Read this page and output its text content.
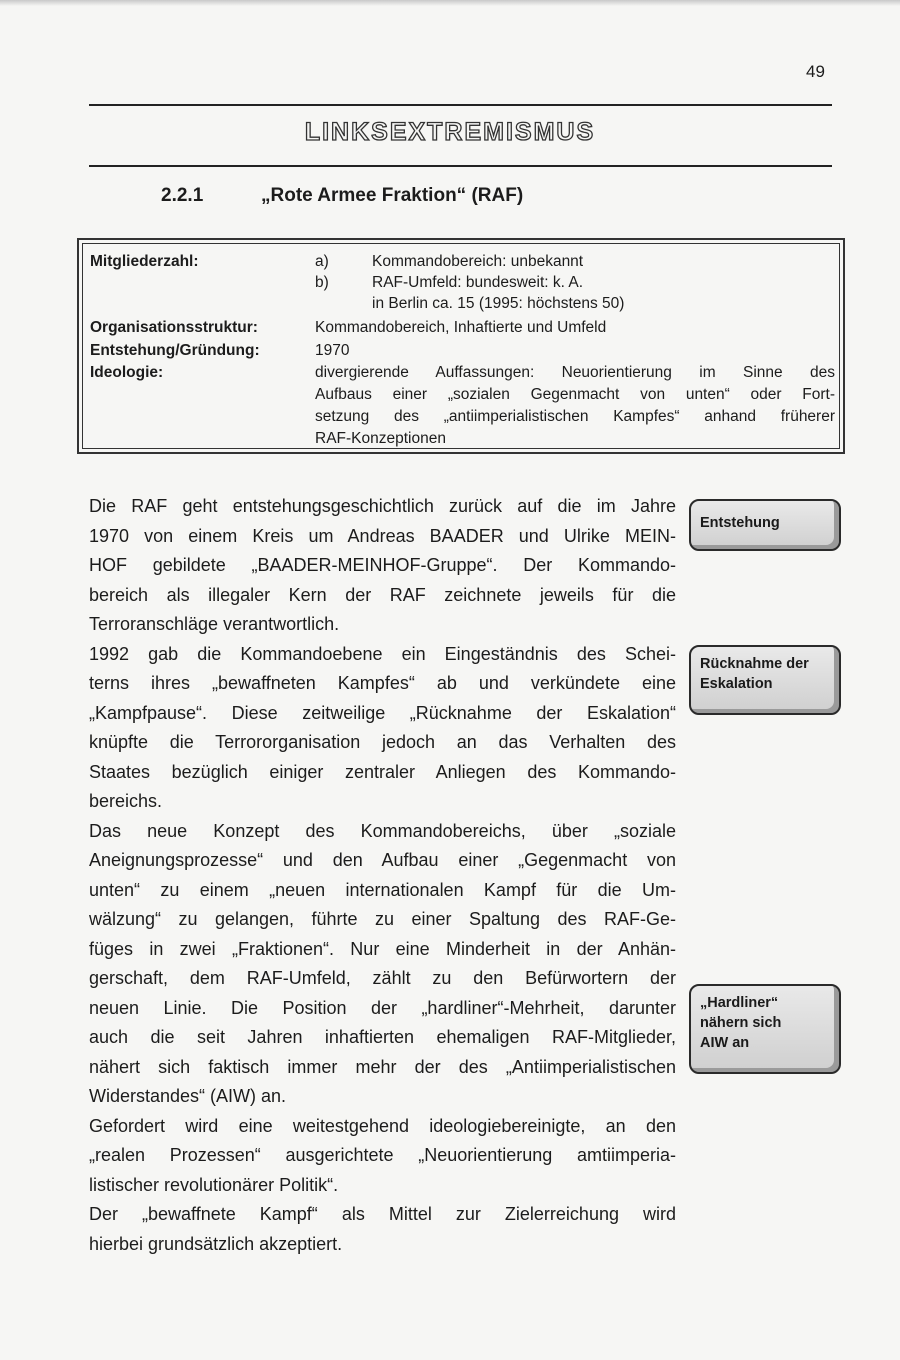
49
LINKSEXTREMISMUS
2.2.1	„Rote Armee Fraktion“ (RAF)
Mitgliederzahl:	a)	Kommandobereich: unbekannt
b)	RAF-Umfeld: bundesweit: k. A.
in Berlin ca. 15 (1995: höchstens 50)
Organisationsstruktur:	Kommandobereich, Inhaftierte und Umfeld
Entstehung/Gründung:	1970
Ideologie:	divergierende Auffassungen: Neuorientierung im Sinne des
Aufbaus einer „sozialen Gegenmacht von unten“ oder Fort-
setzung des „antiimperialistischen Kampfes“ anhand früherer
RAF-Konzeptionen

Die RAF geht entstehungsgeschichtlich zurück auf die im Jahre
1970 von einem Kreis um Andreas BAADER und Ulrike MEIN-
HOF gebildete „BAADER-MEINHOF-Gruppe“. Der Kommando-
bereich als illegaler Kern der RAF zeichnete jeweils für die
Terroranschläge verantwortlich.

1992 gab die Kommandoebene ein Eingeständnis des Schei-
terns ihres „bewaffneten Kampfes“ ab und verkündete eine
„Kampfpause“. Diese zeitweilige „Rücknahme der Eskalation“
knüpfte die Terrororganisation jedoch an das Verhalten des
Staates bezüglich einiger zentraler Anliegen des Kommando-
bereichs.

Das neue Konzept des Kommandobereichs, über „soziale
Aneignungsprozesse“ und den Aufbau einer „Gegenmacht von
unten“ zu einem „neuen internationalen Kampf für die Um-
wälzung“ zu gelangen, führte zu einer Spaltung des RAF-Ge-
füges in zwei „Fraktionen“. Nur eine Minderheit in der Anhän-
gerschaft, dem RAF-Umfeld, zählt zu den Befürwortern der
neuen Linie. Die Position der „hardliner“-Mehrheit, darunter
auch die seit Jahren inhaftierten ehemaligen RAF-Mitglieder,
nähert sich faktisch immer mehr der des „Antiimperialistischen
Widerstandes“ (AIW) an.

Gefordert wird eine weitestgehend ideologiebereinigte, an den
„realen Prozessen“ ausgerichtete „Neuorientierung amtiimperia-
listischer revolutionärer Politik“.

Der „bewaffnete Kampf“ als Mittel zur Zielerreichung wird
hierbei grundsätzlich akzeptiert.

Entstehung
Rücknahme der
Eskalation
„Hardliner“
nähern sich
AIW an
